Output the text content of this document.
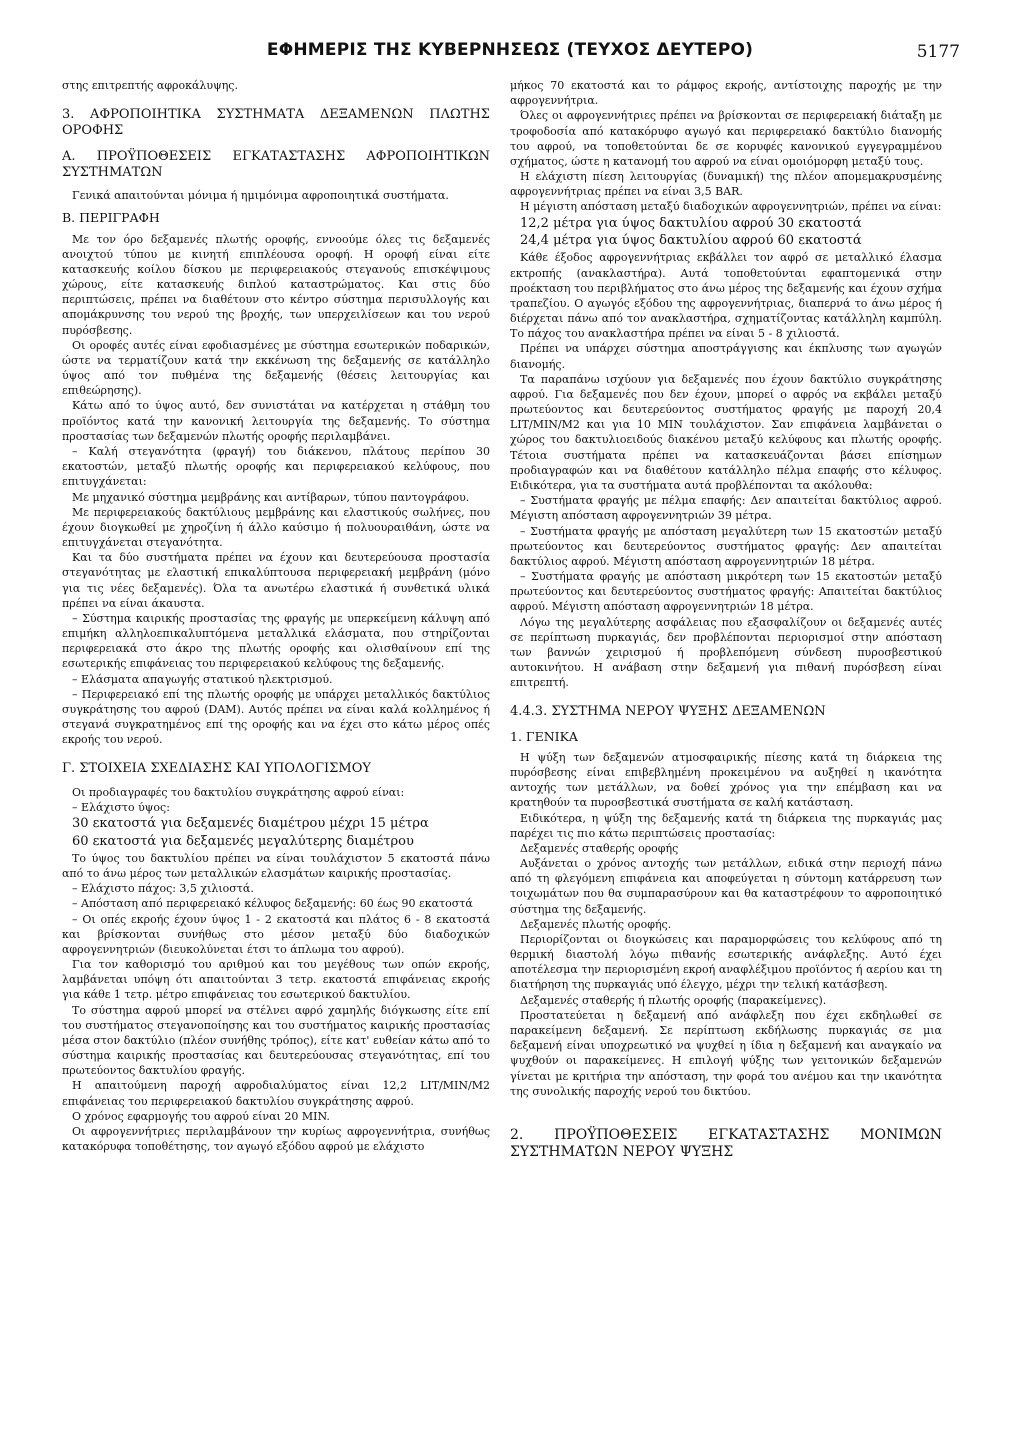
ΕΦΗΜΕΡΙΣ ΤΗΣ ΚΥΒΕΡΝΗΣΕΩΣ (ΤΕΥΧΟΣ ΔΕΥΤΕΡΟ)	5177

στης επιτρεπτής αφροκάλυψης.

3. ΑΦΡΟΠΟΙΗΤΙΚΑ ΣΥΣΤΗΜΑΤΑ ΔΕΞΑΜΕΝΩΝ ΠΛΩΤΗΣ ΟΡΟΦΗΣ

Α. ΠΡΟΫΠΟΘΕΣΕΙΣ ΕΓΚΑΤΑΣΤΑΣΗΣ ΑΦΡΟΠΟΙΗΤΙΚΩΝ ΣΥΣΤΗΜΑΤΩΝ

Γενικά απαιτούνται μόνιμα ή ημιμόνιμα αφροποιητικά συστήματα.

Β. ΠΕΡΙΓΡΑΦΗ

Με τον όρο δεξαμενές πλωτής οροφής, εννοούμε όλες τις δεξαμενές ανοιχτού τύπου με κινητή επιπλέουσα οροφή. Η οροφή είναι είτε κατασκευής κοίλου δίσκου με περιφερειακούς στεγανούς επισκέψιμους χώρους, είτε κατασκευής διπλού καταστρώματος. Και στις δύο περιπτώσεις, πρέπει να διαθέτουν στο κέντρο σύστημα περισυλλογής και απομάκρυνσης του νερού της βροχής, των υπερχειλίσεων και του νερού πυρόσβεσης.

Οι οροφές αυτές είναι εφοδιασμένες με σύστημα εσωτερικών ποδαρικών, ώστε να τερματίζουν κατά την εκκένωση της δεξαμενής σε κατάλληλο ύψος από τον πυθμένα της δεξαμενής (θέσεις λειτουργίας και επιθεώρησης).

Κάτω από το ύψος αυτό, δεν συνιστάται να κατέρχεται η στάθμη του προϊόντος κατά την κανονική λειτουργία της δεξαμενής. Το σύστημα προστασίας των δεξαμενών πλωτής οροφής περιλαμβάνει.

– Καλή στεγανότητα (φραγή) του διάκενου, πλάτους περίπου 30 εκατοστών, μεταξύ πλωτής οροφής και περιφερειακού κελύφους, που επιτυγχάνεται:

Με μηχανικό σύστημα μεμβράνης και αντίβαρων, τύπου παντογράφου.

Με περιφερειακούς δακτύλιους μεμβράνης και ελαστικούς σωλήνες, που έχουν διογκωθεί με χηροζίνη ή άλλο καύσιμο ή πολυουραιθάνη, ώστε να επιτυγχάνεται στεγανότητα.

Και τα δύο συστήματα πρέπει να έχουν και δευτερεύουσα προστασία στεγανότητας με ελαστική επικαλύπτουσα περιφερειακή μεμβράνη (μόνο για τις νέες δεξαμενές). Όλα τα ανωτέρω ελαστικά ή συνθετικά υλικά πρέπει να είναι άκαυστα.

– Σύστημα καιρικής προστασίας της φραγής με υπερκείμενη κάλυψη από επιμήκη αλληλοεπικαλυπτόμενα μεταλλικά ελάσματα, που στηρίζονται περιφερειακά στο άκρο της πλωτής οροφής και ολισθαίνουν επί της εσωτερικής επιφάνειας του περιφερειακού κελύφους της δεξαμενής.

– Ελάσματα απαγωγής στατικού ηλεκτρισμού.

– Περιφερειακό επί της πλωτής οροφής με υπάρχει μεταλλικός δακτύλιος συγκράτησης του αφρού (DAM). Αυτός πρέπει να είναι καλά κολλημένος ή στεγανά συγκρατημένος επί της οροφής και να έχει στο κάτω μέρος οπές εκροής του νερού.

Γ. ΣΤΟΙΧΕΙΑ ΣΧΕΔΙΑΣΗΣ ΚΑΙ ΥΠΟΛΟΓΙΣΜΟΥ

Οι προδιαγραφές του δακτυλίου συγκράτησης αφρού είναι:

– Ελάχιστο ύψος:

30 εκατοστά για δεξαμενές διαμέτρου μέχρι 15 μέτρα

60 εκατοστά για δεξαμενές μεγαλύτερης διαμέτρου

Το ύψος του δακτυλίου πρέπει να είναι τουλάχιστον 5 εκατοστά πάνω από το άνω μέρος των μεταλλικών ελασμάτων καιρικής προστασίας.

– Ελάχιστο πάχος: 3,5 χιλιοστά.

– Απόσταση από περιφερειακό κέλυφος δεξαμενής: 60 έως 90 εκατοστά

– Οι οπές εκροής έχουν ύψος 1 - 2 εκατοστά και πλάτος 6 - 8 εκατοστά και βρίσκονται συνήθως στο μέσον μεταξύ δύο διαδοχικών αφρογεννητριών (διευκολύνεται έτσι το άπλωμα του αφρού).

Για τον καθορισμό του αριθμού και του μεγέθους των οπών εκροής, λαμβάνεται υπόψη ότι απαιτούνται 3 τετρ. εκατοστά επιφάνειας εκροής για κάθε 1 τετρ. μέτρο επιφάνειας του εσωτερικού δακτυλίου.

Το σύστημα αφρού μπορεί να στέλνει αφρό χαμηλής διόγκωσης είτε επί του συστήματος στεγανοποίησης και του συστήματος καιρικής προστασίας μέσα στον δακτύλιο (πλέον συνήθης τρόπος), είτε κατ' ευθείαν κάτω από το σύστημα καιρικής προστασίας και δευτερεύουσας στεγανότητας, επί του πρωτεύοντος δακτυλίου φραγής.

Η απαιτούμενη παροχή αφροδιαλύματος είναι 12,2 LIT/MIN/M2 επιφάνειας του περιφερειακού δακτυλίου συγκράτησης αφρού.

Ο χρόνος εφαρμογής του αφρού είναι 20 MIN.

Οι αφρογεννήτριες περιλαμβάνουν την κυρίως αφρογεννήτρια, συνήθως κατακόρυφα τοποθέτησης, τον αγωγό εξόδου αφρού με ελάχιστο

μήκος 70 εκατοστά και το ράμφος εκροής, αντίστοιχης παροχής με την αφρογεννήτρια.

Όλες οι αφρογεννήτριες πρέπει να βρίσκονται σε περιφερειακή διάταξη με τροφοδοσία από κατακόρυφο αγωγό και περιφερειακό δακτύλιο διανομής του αφρού, να τοποθετούνται δε σε κορυφές κανονικού εγγεγραμμένου σχήματος, ώστε η κατανομή του αφρού να είναι ομοιόμορφη μεταξύ τους.

Η ελάχιστη πίεση λειτουργίας (δυναμική) της πλέον απομεμακρυσμένης αφρογεννήτριας πρέπει να είναι 3,5 BAR.

Η μέγιστη απόσταση μεταξύ διαδοχικών αφρογεννητριών, πρέπει να είναι:

12,2 μέτρα για ύψος δακτυλίου αφρού 30 εκατοστά

24,4 μέτρα για ύψος δακτυλίου αφρού 60 εκατοστά

Κάθε έξοδος αφρογεννήτριας εκβάλλει τον αφρό σε μεταλλικό έλασμα εκτροπής (ανακλαστήρα). Αυτά τοποθετούνται εφαπτομενικά στην προέκταση του περιβλήματος στο άνω μέρος της δεξαμενής και έχουν σχήμα τραπεζίου. Ο αγωγός εξόδου της αφρογεννήτριας, διαπερνά το άνω μέρος ή διέρχεται πάνω από τον ανακλαστήρα, σχηματίζοντας κατάλληλη καμπύλη. Το πάχος του ανακλαστήρα πρέπει να είναι 5 - 8 χιλιοστά.

Πρέπει να υπάρχει σύστημα αποστράγγισης και έκπλυσης των αγωγών διανομής.

Τα παραπάνω ισχύουν για δεξαμενές που έχουν δακτύλιο συγκράτησης αφρού. Για δεξαμενές που δεν έχουν, μπορεί ο αφρός να εκβάλει μεταξύ πρωτεύοντος και δευτερεύοντος συστήματος φραγής με παροχή 20,4 LIT/MIN/M2 και για 10 MIN τουλάχιστον. Σαν επιφάνεια λαμβάνεται ο χώρος του δακτυλιοειδούς διακένου μεταξύ κελύφους και πλωτής οροφής. Τέτοια συστήματα πρέπει να κατασκευάζονται βάσει επίσημων προδιαγραφών και να διαθέτουν κατάλληλο πέλμα επαφής στο κέλυφος. Ειδικότερα, για τα συστήματα αυτά προβλέπονται τα ακόλουθα:

– Συστήματα φραγής με πέλμα επαφής: Δεν απαιτείται δακτύλιος αφρού. Μέγιστη απόσταση αφρογεννητριών 39 μέτρα.

– Συστήματα φραγής με απόσταση μεγαλύτερη των 15 εκατοστών μεταξύ πρωτεύοντος και δευτερεύοντος συστήματος φραγής: Δεν απαιτείται δακτύλιος αφρού. Μέγιστη απόσταση αφρογεννητριών 18 μέτρα.

– Συστήματα φραγής με απόσταση μικρότερη των 15 εκατοστών μεταξύ πρωτεύοντος και δευτερεύοντος συστήματος φραγής: Απαιτείται δακτύλιος αφρού. Μέγιστη απόσταση αφρογεννητριών 18 μέτρα.

Λόγω της μεγαλύτερης ασφάλειας που εξασφαλίζουν οι δεξαμενές αυτές σε περίπτωση πυρκαγιάς, δεν προβλέπονται περιορισμοί στην απόσταση των βαννών χειρισμού ή προβλεπόμενη σύνδεση πυροσβεστικού αυτοκινήτου. Η ανάβαση στην δεξαμενή για πιθανή πυρόσβεση είναι επιτρεπτή.

4.4.3. ΣΥΣΤΗΜΑ ΝΕΡΟΥ ΨΥΞΗΣ ΔΕΞΑΜΕΝΩΝ

1. ΓΕΝΙΚΑ

Η ψύξη των δεξαμενών ατμοσφαιρικής πίεσης κατά τη διάρκεια της πυρόσβεσης είναι επιβεβλημένη προκειμένου να αυξηθεί η ικανότητα αντοχής των μετάλλων, να δοθεί χρόνος για την επέμβαση και να κρατηθούν τα πυροσβεστικά συστήματα σε καλή κατάσταση.

Ειδικότερα, η ψύξη της δεξαμενής κατά τη διάρκεια της πυρκαγιάς μας παρέχει τις πιο κάτω περιπτώσεις προστασίας:

Δεξαμενές σταθερής οροφής

Αυξάνεται ο χρόνος αντοχής των μετάλλων, ειδικά στην περιοχή πάνω από τη φλεγόμενη επιφάνεια και αποφεύγεται η σύντομη κατάρρευση των τοιχωμάτων που θα συμπαρασύρουν και θα καταστρέφουν το αφροποιητικό σύστημα της δεξαμενής.

Δεξαμενές πλωτής οροφής.

Περιορίζονται οι διογκώσεις και παραμορφώσεις του κελύφους από τη θερμική διαστολή λόγω πιθανής εσωτερικής ανάφλεξης. Αυτό έχει αποτέλεσμα την περιορισμένη εκροή αναφλέξιμου προϊόντος ή αερίου και τη διατήρηση της πυρκαγιάς υπό έλεγχο, μέχρι την τελική κατάσβεση.

Δεξαμενές σταθερής ή πλωτής οροφής (παρακείμενες).

Προστατεύεται η δεξαμενή από ανάφλεξη που έχει εκδηλωθεί σε παρακείμενη δεξαμενή. Σε περίπτωση εκδήλωσης πυρκαγιάς σε μια δεξαμενή είναι υποχρεωτικό να ψυχθεί η ίδια η δεξαμενή και αναγκαίο να ψυχθούν οι παρακείμενες. Η επιλογή ψύξης των γειτονικών δεξαμενών γίνεται με κριτήρια την απόσταση, την φορά του ανέμου και την ικανότητα της συνολικής παροχής νερού του δικτύου.

2. ΠΡΟΫΠΟΘΕΣΕΙΣ ΕΓΚΑΤΑΣΤΑΣΗΣ ΜΟΝΙΜΩΝ ΣΥΣΤΗΜΑΤΩΝ ΝΕΡΟΥ ΨΥΞΗΣ
